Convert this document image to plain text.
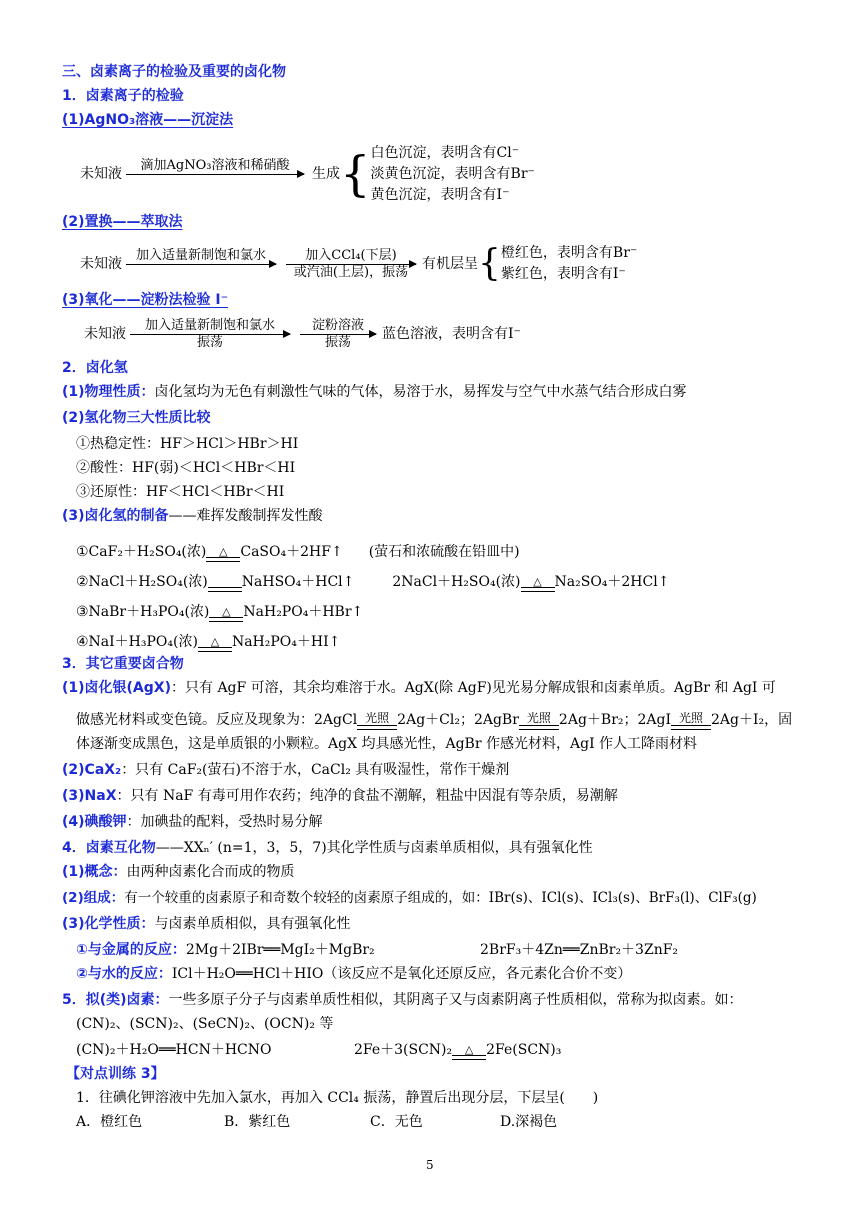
三、卤素离子的检验及重要的卤化物
1．卤素离子的检验
(1)AgNO₃溶液——沉淀法
未知液
滴加AgNO₃溶液和稀硝酸

生成 { 白色沉淀，表明含有Cl⁻
淡黄色沉淀，表明含有Br⁻
黄色沉淀，表明含有I⁻
(2)置换——萃取法
未知液
加入适量新制饱和氯水
	加入CCl₄(下层)
或汽油(上层)，振荡 有机层呈 { 橙红色，表明含有Br⁻
紫红色，表明含有I⁻
(3)氧化——淀粉法检验 I⁻
未知液
加入适量新制饱和氯水
振荡
淀粉溶液
振荡	蓝色溶液，表明含有I⁻
2．卤化氢
(1)物理性质：卤化氢均为无色有刺激性气味的气体，易溶于水，易挥发与空气中水蒸气结合形成白雾
(2)氢化物三大性质比较
①热稳定性：HF＞HCl＞HBr＞HI
②酸性：HF(弱)＜HCl＜HBr＜HI
③还原性：HF＜HCl＜HBr＜HI
(3)卤化氢的制备——难挥发酸制挥发性酸
①CaF₂＋H₂SO₄(浓)	△ CaSO₄＋2HF↑ (萤石和浓硫酸在铅皿中)
②NaCl＋H₂SO₄(浓)
NaHSO₄＋HCl↑	2NaCl＋H₂SO₄(浓)	△ Na₂SO₄＋2HCl↑
③NaBr＋H₃PO₄(浓)	△ NaH₂PO₄＋HBr↑
④NaI＋H₃PO₄(浓)	△ NaH₂PO₄＋HI↑
3．其它重要卤合物
(1)卤化银(AgX)：只有 AgF 可溶，其余均难溶于水。AgX(除 AgF)见光易分解成银和卤素单质。AgBr 和 AgI 可
做感光材料或变色镜。反应及现象为：2AgCl 光照 2Ag＋Cl₂；2AgBr 光照 2Ag＋Br₂；2AgI 光照 2Ag＋I₂，固
体逐渐变成黑色，这是单质银的小颗粒。AgX 均具感光性，AgBr 作感光材料，AgI 作人工降雨材料
(2)CaX₂：只有 CaF₂(萤石)不溶于水，CaCl₂ 具有吸湿性，常作干燥剂
(3)NaX：只有 NaF 有毒可用作农药；纯净的食盐不潮解，粗盐中因混有等杂质，易潮解
(4)碘酸钾：加碘盐的配料，受热时易分解
4．卤素互化物——XXₙ′ (n=1，3，5，7)其化学性质与卤素单质相似，具有强氧化性
(1)概念：由两种卤素化合而成的物质
(2)组成：有一个较重的卤素原子和奇数个较轻的卤素原子组成的，如：IBr(s)、ICl(s)、ICl₃(s)、BrF₃(l)、ClF₃(g)
(3)化学性质：与卤素单质相似，具有强氧化性
①与金属的反应：2Mg＋2IBr══MgI₂＋MgBr₂	2BrF₃＋4Zn══ZnBr₂＋3ZnF₂
②与水的反应：ICl＋H₂O══HCl＋HIO（该反应不是氧化还原反应，各元素化合价不变）
5．拟(类)卤素：一些多原子分子与卤素单质性相似，其阴离子又与卤素阴离子性质相似，常称为拟卤素。如：
(CN)₂、(SCN)₂、(SeCN)₂、(OCN)₂ 等
(CN)₂＋H₂O══HCN＋HCNO	2Fe＋3(SCN)₂	△ 2Fe(SCN)₃
【对点训练 3】
1．往碘化钾溶液中先加入氯水，再加入 CCl₄ 振荡，静置后出现分层，下层呈(　　)
A．橙红色	B．紫红色	C．无色	D.深褐色
5
